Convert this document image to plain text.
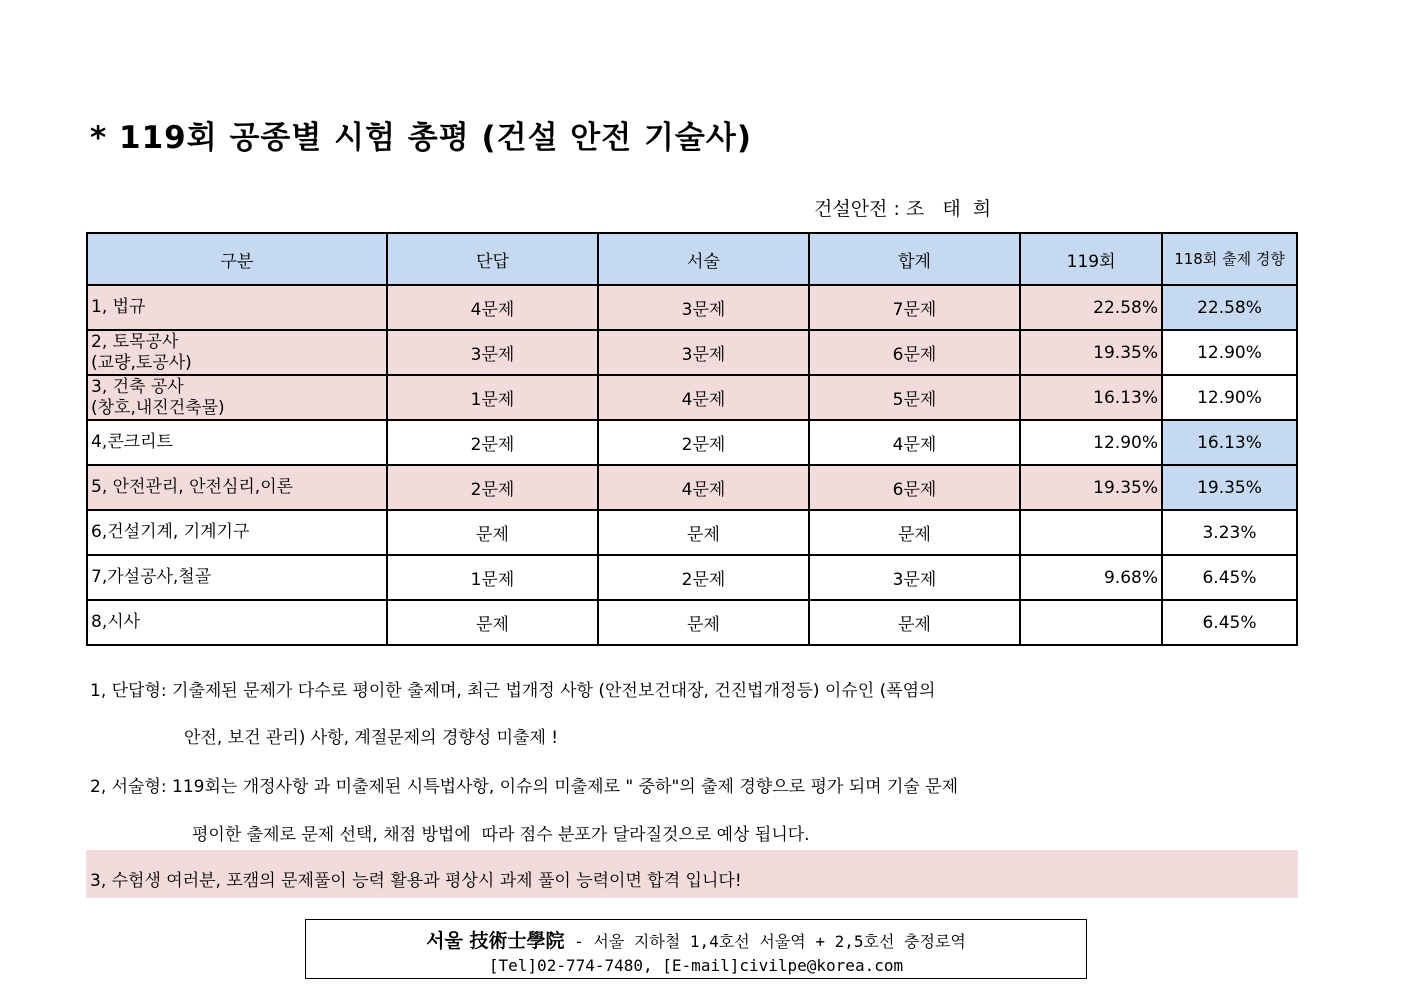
* 119회 공종별 시험 총평 (건설 안전 기술사)
건설안전 : 조   태  희
구분	단답	서술	합계	119회	118회 출제 경향
1, 법규	4문제	3문제	7문제	22.58%	22.58%
2, 토목공사
(교량,토공사)	3문제	3문제	6문제	19.35%	12.90%
3, 건축 공사
(창호,내진건축물)	1문제	4문제	5문제	16.13%	12.90%
4,콘크리트	2문제	2문제	4문제	12.90%	16.13%
5, 안전관리, 안전심리,이론	2문제	4문제	6문제	19.35%	19.35%
6,건설기계, 기계기구	문제	문제	문제		3.23%
7,가설공사,철골	1문제	2문제	3문제	9.68%	6.45%
8,시사	문제	문제	문제		6.45%
1, 단답형: 기출제된 문제가 다수로 평이한 출제며, 최근 법개정 사항 (안전보건대장, 건진법개정등) 이슈인 (폭염의
안전, 보건 관리) 사항, 계절문제의 경향성 미출제 !
2, 서술형: 119회는 개정사항 과 미출제된 시특법사항, 이슈의 미출제로 " 중하"의 출제 경향으로 평가 되며 기술 문제
평이한 출제로 문제 선택, 채점 방법에  따라 점수 분포가 달라질것으로 예상 됩니다.
3, 수험생 여러분, 포캠의 문제풀이 능력 활용과 평상시 과제 풀이 능력이면 합격 입니다!
서울 技術士學院 - 서울 지하철 1,4호선 서울역 + 2,5호선 충정로역
[Tel]02-774-7480, [E-mail]civilpe@korea.com
